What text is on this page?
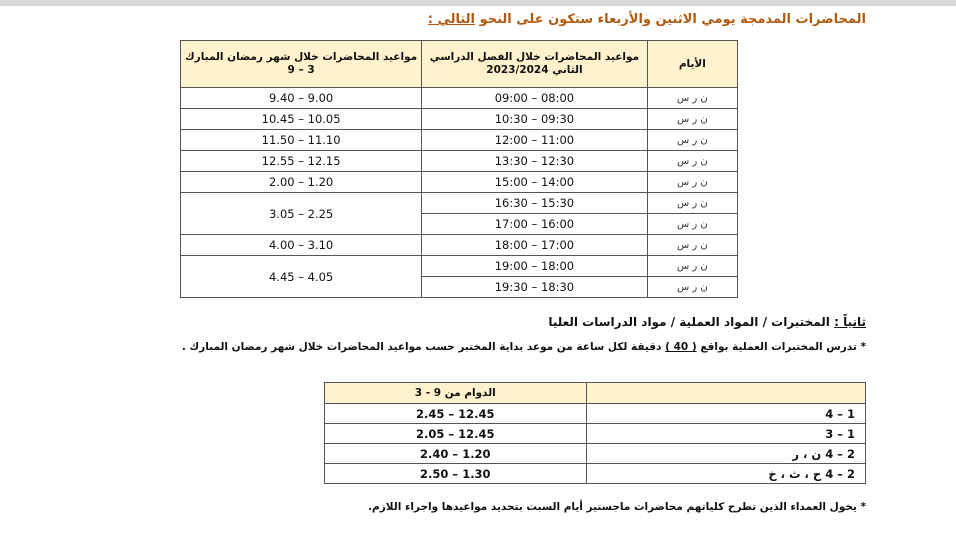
المحاضرات المدمجة يومي الاثنين والأربعاء ستكون على النحو التالي :
الأيام	مواعيد المحاضرات خلال الفصل الدراسي الثاني 2023/2024	مواعيد المحاضرات خلال شهر رمضان المبارك 3 – 9
ن ر س	08:00 – 09:00	9.00 – 9.40
ن ر س	09:30 – 10:30	10.05 – 10.45
ن ر س	11:00 – 12:00	11.10 – 11.50
ن ر س	12:30 – 13:30	12.15 – 12.55
ن ر س	14:00 – 15:00	1.20 – 2.00
ن ر س	15:30 – 16:30	2.25 – 3.05
ن ر س	16:00 – 17:00	
ن ر س	17:00 – 18:00	3.10 – 4.00
ن ر س	18:00 – 19:00	4.05 – 4.45
ن ر س	18:30 – 19:30	
ثانياً : المختبرات / المواد العملية / مواد الدراسات العليا
* تدرس المختبرات العملية بواقع ( 40 ) دقيقة لكل ساعة من موعد بداية المختبر حسب مواعيد المحاضرات خلال شهر رمضان المبارك .
	الدوام من 9 - 3
1 – 4	12.45 – 2.45
1 – 3	12.45 – 2.05
2 – 4 ن ، ر	1.20 – 2.40
2 – 4 ح ، ث ، خ	1.30 – 2.50
* يخول العمداء الذين تطرح كلياتهم محاضرات ماجستير أيام السبت بتحديد مواعيدها واجراء اللازم.
